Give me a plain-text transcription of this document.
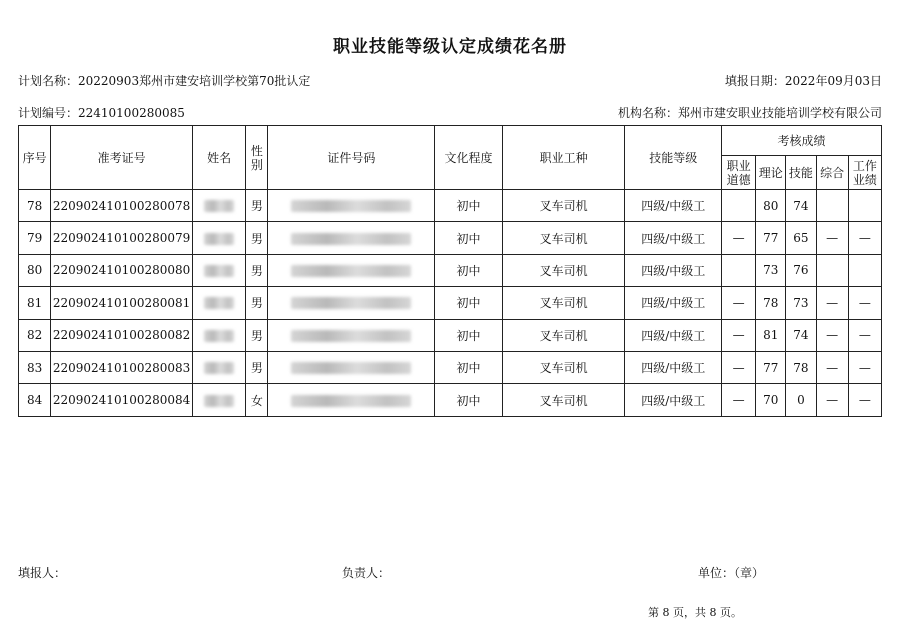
职业技能等级认定成绩花名册
计划名称：20220903郑州市建安培训学校第70批认定	填报日期：2022年09月03日
计划编号：22410100280085	机构名称：郑州市建安职业技能培训学校有限公司
序号	准考证号	姓名	性别	证件号码	文化程度	职业工种	技能等级	考核成绩				
								职业道德	理论	技能	综合	工作业绩
78	220902410100280078		男		初中	叉车司机	四级/中级工		80	74		
79	220902410100280079		男		初中	叉车司机	四级/中级工	—	77	65	—	—
80	220902410100280080		男		初中	叉车司机	四级/中级工		73	76		
81	220902410100280081		男		初中	叉车司机	四级/中级工	—	78	73	—	—
82	220902410100280082		男		初中	叉车司机	四级/中级工	—	81	74	—	—
83	220902410100280083		男		初中	叉车司机	四级/中级工	—	77	78	—	—
84	220902410100280084		女		初中	叉车司机	四级/中级工	—	70	0	—	—
填报人：	负责人：	单位：（章）
第 8 页，共 8 页。
